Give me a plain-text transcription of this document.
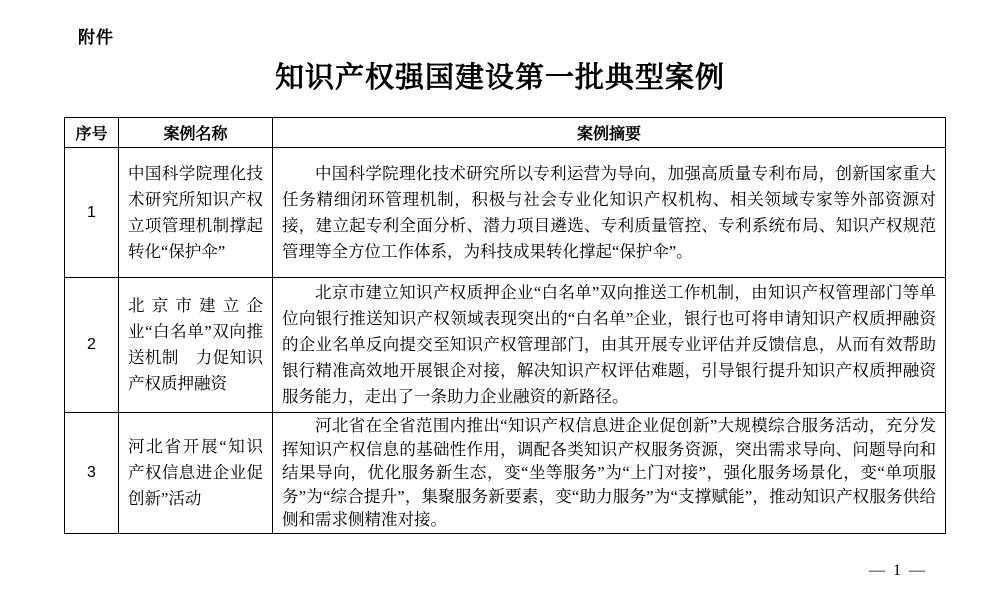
附件
知识产权强国建设第一批典型案例
序号	案例名称	案例摘要
1	中国科学院理化技术研究所知识产权立项管理机制撑起转化“保护伞”	中国科学院理化技术研究所以专利运营为导向，加强高质量专利布局，创新国家重大任务精细闭环管理机制，积极与社会专业化知识产权机构、相关领域专家等外部资源对接，建立起专利全面分析、潜力项目遴选、专利质量管控、专利系统布局、知识产权规范管理等全方位工作体系，为科技成果转化撑起“保护伞”。
2	北京市建立企业“白名单”双向推送机制　力促知识产权质押融资	北京市建立知识产权质押企业“白名单”双向推送工作机制，由知识产权管理部门等单位向银行推送知识产权领域表现突出的“白名单”企业，银行也可将申请知识产权质押融资的企业名单反向提交至知识产权管理部门，由其开展专业评估并反馈信息，从而有效帮助银行精准高效地开展银企对接，解决知识产权评估难题，引导银行提升知识产权质押融资服务能力，走出了一条助力企业融资的新路径。
3	河北省开展“知识产权信息进企业促创新”活动	河北省在全省范围内推出“知识产权信息进企业促创新”大规模综合服务活动，充分发挥知识产权信息的基础性作用，调配各类知识产权服务资源，突出需求导向、问题导向和结果导向，优化服务新生态，变“坐等服务”为“上门对接”，强化服务场景化，变“单项服务”为“综合提升”，集聚服务新要素，变“助力服务”为“支撑赋能”，推动知识产权服务供给侧和需求侧精准对接。
— 1 —
